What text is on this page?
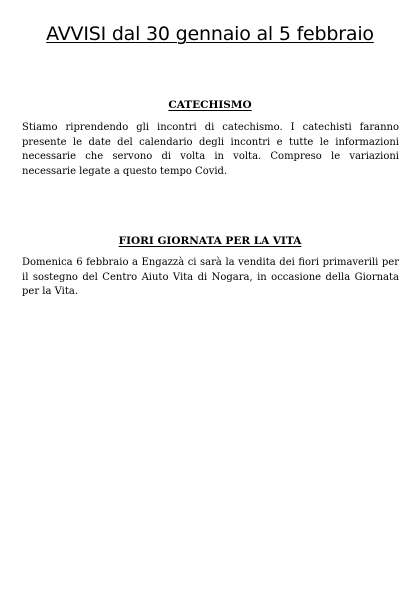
AVVISI dal 30 gennaio al 5 febbraio
CATECHISMO

Stiamo riprendendo gli incontri di catechismo. I catechisti faranno presente le date del calendario degli incontri e tutte le informazioni necessarie che servono di volta in volta. Compreso le variazioni necessarie legate a questo tempo Covid.

FIORI GIORNATA PER LA VITA

Domenica 6 febbraio a Engazzà ci sarà la vendita dei fiori primaverili per il sostegno del Centro Aiuto Vita di Nogara, in occasione della Giornata per la Vita.
